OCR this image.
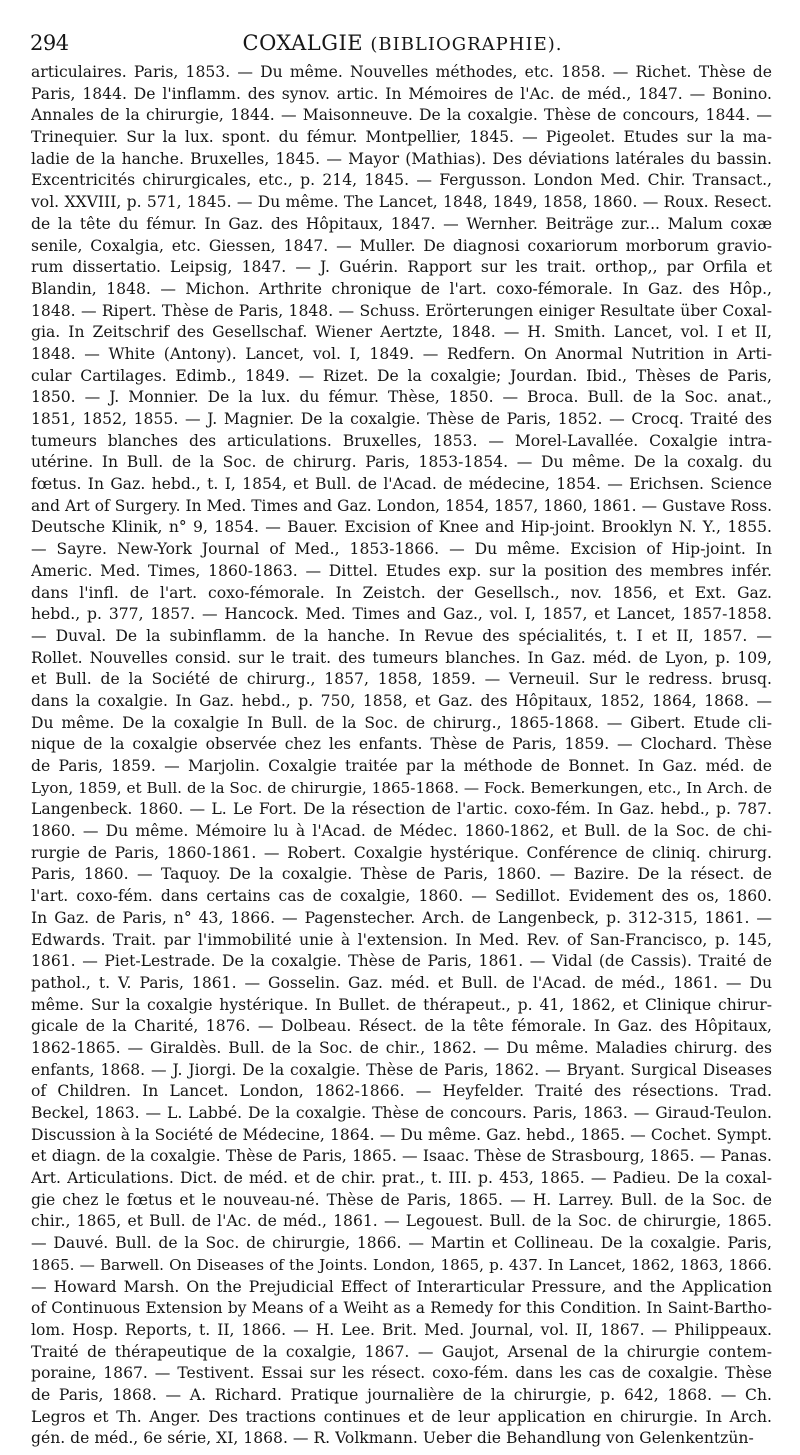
294	COXALGIE (BIBLIOGRAPHIE).
articulaires. Paris, 1853. — Du même. Nouvelles méthodes, etc. 1858. — Richet. Thèse de
Paris, 1844. De l'inflamm. des synov. artic. In Mémoires de l'Ac. de méd., 1847. — Bonino.
Annales de la chirurgie, 1844. — Maisonneuve. De la coxalgie. Thèse de concours, 1844. —
Trinequier. Sur la lux. spont. du fémur. Montpellier, 1845. — Pigeolet. Etudes sur la ma-
ladie de la hanche. Bruxelles, 1845. — Mayor (Mathias). Des déviations latérales du bassin.
Excentricités chirurgicales, etc., p. 214, 1845. — Fergusson. London Med. Chir. Transact.,
vol. XXVIII, p. 571, 1845. — Du même. The Lancet, 1848, 1849, 1858, 1860. — Roux. Resect.
de la tête du fémur. In Gaz. des Hôpitaux, 1847. — Wernher. Beiträge zur... Malum coxæ
senile, Coxalgia, etc. Giessen, 1847. — Muller. De diagnosi coxariorum morborum gravio-
rum dissertatio. Leipsig, 1847. — J. Guérin. Rapport sur les trait. orthop,, par Orfila et
Blandin, 1848. — Michon. Arthrite chronique de l'art. coxo-fémorale. In Gaz. des Hôp.,
1848. — Ripert. Thèse de Paris, 1848. — Schuss. Erörterungen einiger Resultate über Coxal-
gia. In Zeitschrif des Gesellschaf. Wiener Aertzte, 1848. — H. Smith. Lancet, vol. I et II,
1848. — White (Antony). Lancet, vol. I, 1849. — Redfern. On Anormal Nutrition in Arti-
cular Cartilages. Edimb., 1849. — Rizet. De la coxalgie; Jourdan. Ibid., Thèses de Paris,
1850. — J. Monnier. De la lux. du fémur. Thèse, 1850. — Broca. Bull. de la Soc. anat.,
1851, 1852, 1855. — J. Magnier. De la coxalgie. Thèse de Paris, 1852. — Crocq. Traité des
tumeurs blanches des articulations. Bruxelles, 1853. — Morel-Lavallée. Coxalgie intra-
utérine. In Bull. de la Soc. de chirurg. Paris, 1853-1854. — Du même. De la coxalg. du
fœtus. In Gaz. hebd., t. I, 1854, et Bull. de l'Acad. de médecine, 1854. — Erichsen. Science
and Art of Surgery. In Med. Times and Gaz. London, 1854, 1857, 1860, 1861. — Gustave Ross.
Deutsche Klinik, n° 9, 1854. — Bauer. Excision of Knee and Hip-joint. Brooklyn N. Y., 1855.
— Sayre. New-York Journal of Med., 1853-1866. — Du même. Excision of Hip-joint. In
Americ. Med. Times, 1860-1863. — Dittel. Etudes exp. sur la position des membres infér.
dans l'infl. de l'art. coxo-fémorale. In Zeistch. der Gesellsch., nov. 1856, et Ext. Gaz.
hebd., p. 377, 1857. — Hancock. Med. Times and Gaz., vol. I, 1857, et Lancet, 1857-1858.
— Duval. De la subinflamm. de la hanche. In Revue des spécialités, t. I et II, 1857. —
Rollet. Nouvelles consid. sur le trait. des tumeurs blanches. In Gaz. méd. de Lyon, p. 109,
et Bull. de la Société de chirurg., 1857, 1858, 1859. — Verneuil. Sur le redress. brusq.
dans la coxalgie. In Gaz. hebd., p. 750, 1858, et Gaz. des Hôpitaux, 1852, 1864, 1868. —
Du même. De la coxalgie In Bull. de la Soc. de chirurg., 1865-1868. — Gibert. Etude cli-
nique de la coxalgie observée chez les enfants. Thèse de Paris, 1859. — Clochard. Thèse
de Paris, 1859. — Marjolin. Coxalgie traitée par la méthode de Bonnet. In Gaz. méd. de
Lyon, 1859, et Bull. de la Soc. de chirurgie, 1865-1868. — Fock. Bemerkungen, etc., In Arch. de
Langenbeck. 1860. — L. Le Fort. De la résection de l'artic. coxo-fém. In Gaz. hebd., p. 787.
1860. — Du même. Mémoire lu à l'Acad. de Médec. 1860-1862, et Bull. de la Soc. de chi-
rurgie de Paris, 1860-1861. — Robert. Coxalgie hystérique. Conférence de cliniq. chirurg.
Paris, 1860. — Taquoy. De la coxalgie. Thèse de Paris, 1860. — Bazire. De la résect. de
l'art. coxo-fém. dans certains cas de coxalgie, 1860. — Sedillot. Evidement des os, 1860.
In Gaz. de Paris, n° 43, 1866. — Pagenstecher. Arch. de Langenbeck, p. 312-315, 1861. —
Edwards. Trait. par l'immobilité unie à l'extension. In Med. Rev. of San-Francisco, p. 145,
1861. — Piet-Lestrade. De la coxalgie. Thèse de Paris, 1861. — Vidal (de Cassis). Traité de
pathol., t. V. Paris, 1861. — Gosselin. Gaz. méd. et Bull. de l'Acad. de méd., 1861. — Du
même. Sur la coxalgie hystérique. In Bullet. de thérapeut., p. 41, 1862, et Clinique chirur-
gicale de la Charité, 1876. — Dolbeau. Résect. de la tête fémorale. In Gaz. des Hôpitaux,
1862-1865. — Giraldès. Bull. de la Soc. de chir., 1862. — Du même. Maladies chirurg. des
enfants, 1868. — J. Jiorgi. De la coxalgie. Thèse de Paris, 1862. — Bryant. Surgical Diseases
of Children. In Lancet. London, 1862-1866. — Heyfelder. Traité des résections. Trad.
Beckel, 1863. — L. Labbé. De la coxalgie. Thèse de concours. Paris, 1863. — Giraud-Teulon.
Discussion à la Société de Médecine, 1864. — Du même. Gaz. hebd., 1865. — Cochet. Sympt.
et diagn. de la coxalgie. Thèse de Paris, 1865. — Isaac. Thèse de Strasbourg, 1865. — Panas.
Art. Articulations. Dict. de méd. et de chir. prat., t. III. p. 453, 1865. — Padieu. De la coxal-
gie chez le fœtus et le nouveau-né. Thèse de Paris, 1865. — H. Larrey. Bull. de la Soc. de
chir., 1865, et Bull. de l'Ac. de méd., 1861. — Legouest. Bull. de la Soc. de chirurgie, 1865.
— Dauvé. Bull. de la Soc. de chirurgie, 1866. — Martin et Collineau. De la coxalgie. Paris,
1865. — Barwell. On Diseases of the Joints. London, 1865, p. 437. In Lancet, 1862, 1863, 1866.
— Howard Marsh. On the Prejudicial Effect of Interarticular Pressure, and the Application
of Continuous Extension by Means of a Weiht as a Remedy for this Condition. In Saint-Bartho-
lom. Hosp. Reports, t. II, 1866. — H. Lee. Brit. Med. Journal, vol. II, 1867. — Philippeaux.
Traité de thérapeutique de la coxalgie, 1867. — Gaujot, Arsenal de la chirurgie contem-
poraine, 1867. — Testivent. Essai sur les résect. coxo-fém. dans les cas de coxalgie. Thèse
de Paris, 1868. — A. Richard. Pratique journalière de la chirurgie, p. 642, 1868. — Ch.
Legros et Th. Anger. Des tractions continues et de leur application en chirurgie. In Arch.
gén. de méd., 6e série, XI, 1868. — R. Volkmann. Ueber die Behandlung von Gelenkentzün-
